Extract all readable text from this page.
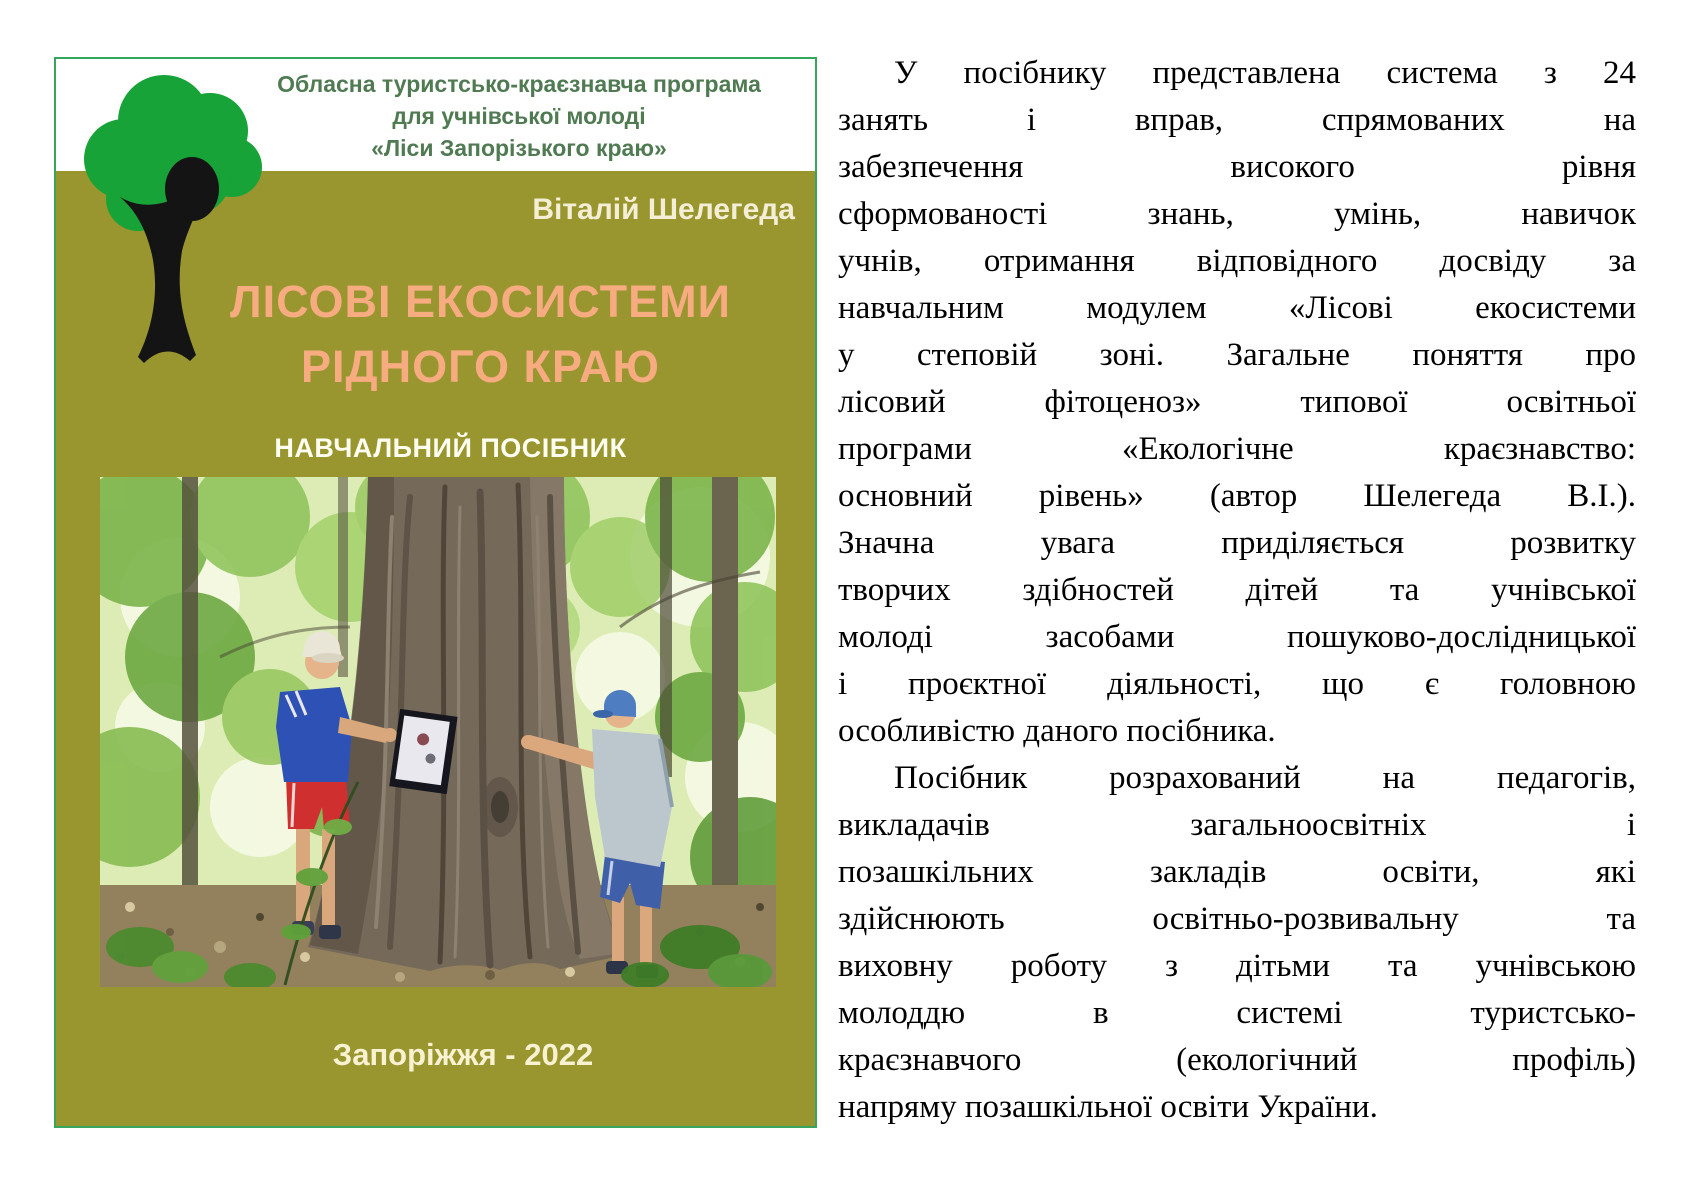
Обласна туристсько-краєзнавча програма
для учнівської молоді
«Ліси Запорізького краю»
Віталій Шелегеда
ЛІСОВІ ЕКОСИСТЕМИ
РІДНОГО КРАЮ
НАВЧАЛЬНИЙ ПОСІБНИК
Запоріжжя - 2022
У посібнику представлена система з 24
занять і вправ, спрямованих на
забезпечення високого рівня
сформованості знань, умінь, навичок
учнів, отримання відповідного досвіду за
навчальним модулем «Лісові екосистеми
у степовій зоні. Загальне поняття про
лісовий фітоценоз» типової освітньої
програми «Екологічне краєзнавство:
основний рівень» (автор Шелегеда В.І.).
Значна увага приділяється розвитку
творчих здібностей дітей та учнівської
молоді засобами пошуково-дослідницької
і проєктної діяльності, що є головною
особливістю даного посібника.
Посібник розрахований на педагогів,
викладачів загальноосвітніх і
позашкільних закладів освіти, які
здійснюють освітньо-розвивальну та
виховну роботу з дітьми та учнівською
молоддю в системі туристсько-
краєзнавчого (екологічний профіль)
напряму позашкільної освіти України.
